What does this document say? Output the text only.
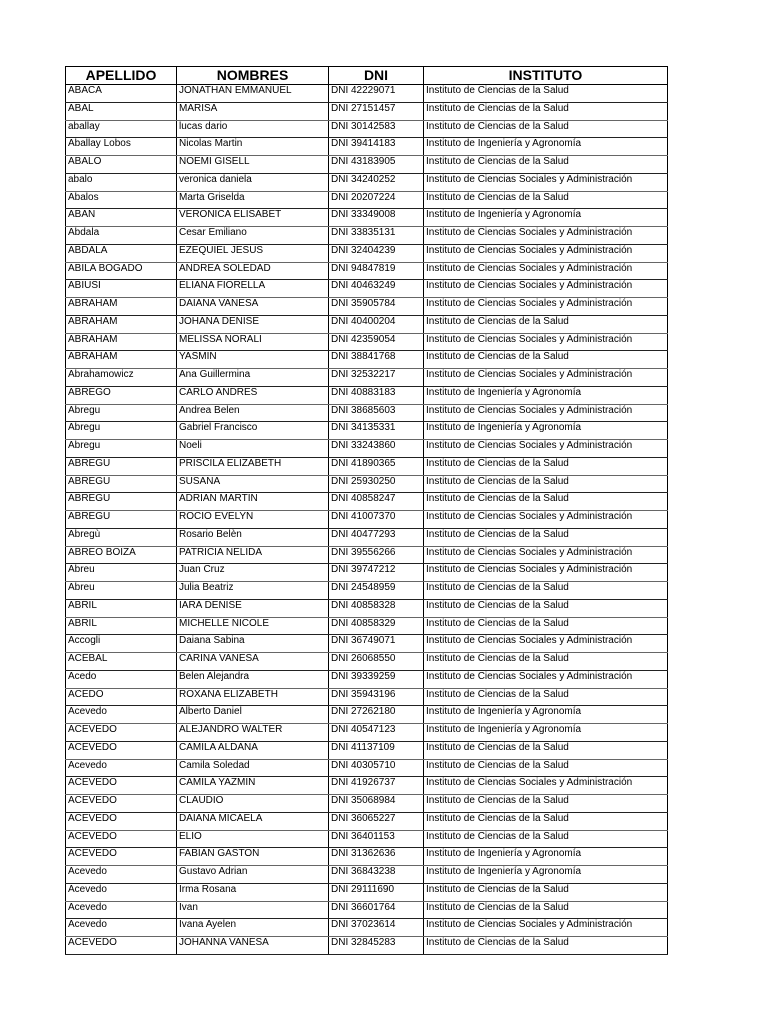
APELLIDO	NOMBRES	DNI	INSTITUTO
ABACA	JONATHAN EMMANUEL	DNI 42229071	Instituto de Ciencias de la Salud
ABAL	MARISA	DNI 27151457	Instituto de Ciencias de la Salud
aballay	lucas dario	DNI 30142583	Instituto de Ciencias de la Salud
Aballay Lobos	Nicolas Martin	DNI 39414183	Instituto de Ingeniería y Agronomía
ABALO	NOEMI GISELL	DNI 43183905	Instituto de Ciencias de la Salud
abalo	veronica daniela	DNI 34240252	Instituto de Ciencias Sociales y Administración
Abalos	Marta Griselda	DNI 20207224	Instituto de Ciencias de la Salud
ABAN	VERONICA ELISABET	DNI 33349008	Instituto de Ingeniería y Agronomía
Abdala	Cesar Emiliano	DNI 33835131	Instituto de Ciencias Sociales y Administración
ABDALA	EZEQUIEL JESUS	DNI 32404239	Instituto de Ciencias Sociales y Administración
ABILA BOGADO	ANDREA SOLEDAD	DNI 94847819	Instituto de Ciencias Sociales y Administración
ABIUSI	ELIANA FIORELLA	DNI 40463249	Instituto de Ciencias Sociales y Administración
ABRAHAM	DAIANA VANESA	DNI 35905784	Instituto de Ciencias Sociales y Administración
ABRAHAM	JOHANA DENISE	DNI 40400204	Instituto de Ciencias de la Salud
ABRAHAM	MELISSA NORALI	DNI 42359054	Instituto de Ciencias Sociales y Administración
ABRAHAM	YASMIN	DNI 38841768	Instituto de Ciencias de la Salud
Abrahamowicz	Ana Guillermina	DNI 32532217	Instituto de Ciencias Sociales y Administración
ABREGO	CARLO ANDRES	DNI 40883183	Instituto de Ingeniería y Agronomía
Abregu	Andrea Belen	DNI 38685603	Instituto de Ciencias Sociales y Administración
Abregu	Gabriel Francisco	DNI 34135331	Instituto de Ingeniería y Agronomía
Abregu	Noeli	DNI 33243860	Instituto de Ciencias Sociales y Administración
ABREGU	PRISCILA ELIZABETH	DNI 41890365	Instituto de Ciencias de la Salud
ABREGU	SUSANA	DNI 25930250	Instituto de Ciencias de la Salud
ABREGU	ADRIAN MARTIN	DNI 40858247	Instituto de Ciencias de la Salud
ABREGU	ROCIO EVELYN	DNI 41007370	Instituto de Ciencias Sociales y Administración
Abregù	Rosario Belèn	DNI 40477293	Instituto de Ciencias de la Salud
ABREO BOIZA	PATRICIA NELIDA	DNI 39556266	Instituto de Ciencias Sociales y Administración
Abreu	Juan Cruz	DNI 39747212	Instituto de Ciencias Sociales y Administración
Abreu	Julia Beatriz	DNI 24548959	Instituto de Ciencias de la Salud
ABRIL	IARA DENISE	DNI 40858328	Instituto de Ciencias de la Salud
ABRIL	MICHELLE NICOLE	DNI 40858329	Instituto de Ciencias de la Salud
Accogli	Daiana Sabina	DNI 36749071	Instituto de Ciencias Sociales y Administración
ACEBAL	CARINA VANESA	DNI 26068550	Instituto de Ciencias de la Salud
Acedo	Belen Alejandra	DNI 39339259	Instituto de Ciencias Sociales y Administración
ACEDO	ROXANA ELIZABETH	DNI 35943196	Instituto de Ciencias de la Salud
Acevedo	Alberto Daniel	DNI 27262180	Instituto de Ingeniería y Agronomía
ACEVEDO	ALEJANDRO WALTER	DNI 40547123	Instituto de Ingeniería y Agronomía
ACEVEDO	CAMILA ALDANA	DNI 41137109	Instituto de Ciencias de la Salud
Acevedo	Camila Soledad	DNI 40305710	Instituto de Ciencias de la Salud
ACEVEDO	CAMILA YAZMIN	DNI 41926737	Instituto de Ciencias Sociales y Administración
ACEVEDO	CLAUDIO	DNI 35068984	Instituto de Ciencias de la Salud
ACEVEDO	DAIANA MICAELA	DNI 36065227	Instituto de Ciencias de la Salud
ACEVEDO	ELIO	DNI 36401153	Instituto de Ciencias de la Salud
ACEVEDO	FABIAN GASTON	DNI 31362636	Instituto de Ingeniería y Agronomía
Acevedo	Gustavo Adrian	DNI 36843238	Instituto de Ingeniería y Agronomía
Acevedo	Irma Rosana	DNI 29111690	Instituto de Ciencias de la Salud
Acevedo	Ivan	DNI 36601764	Instituto de Ciencias de la Salud
Acevedo	Ivana Ayelen	DNI 37023614	Instituto de Ciencias Sociales y Administración
ACEVEDO	JOHANNA VANESA	DNI 32845283	Instituto de Ciencias de la Salud
